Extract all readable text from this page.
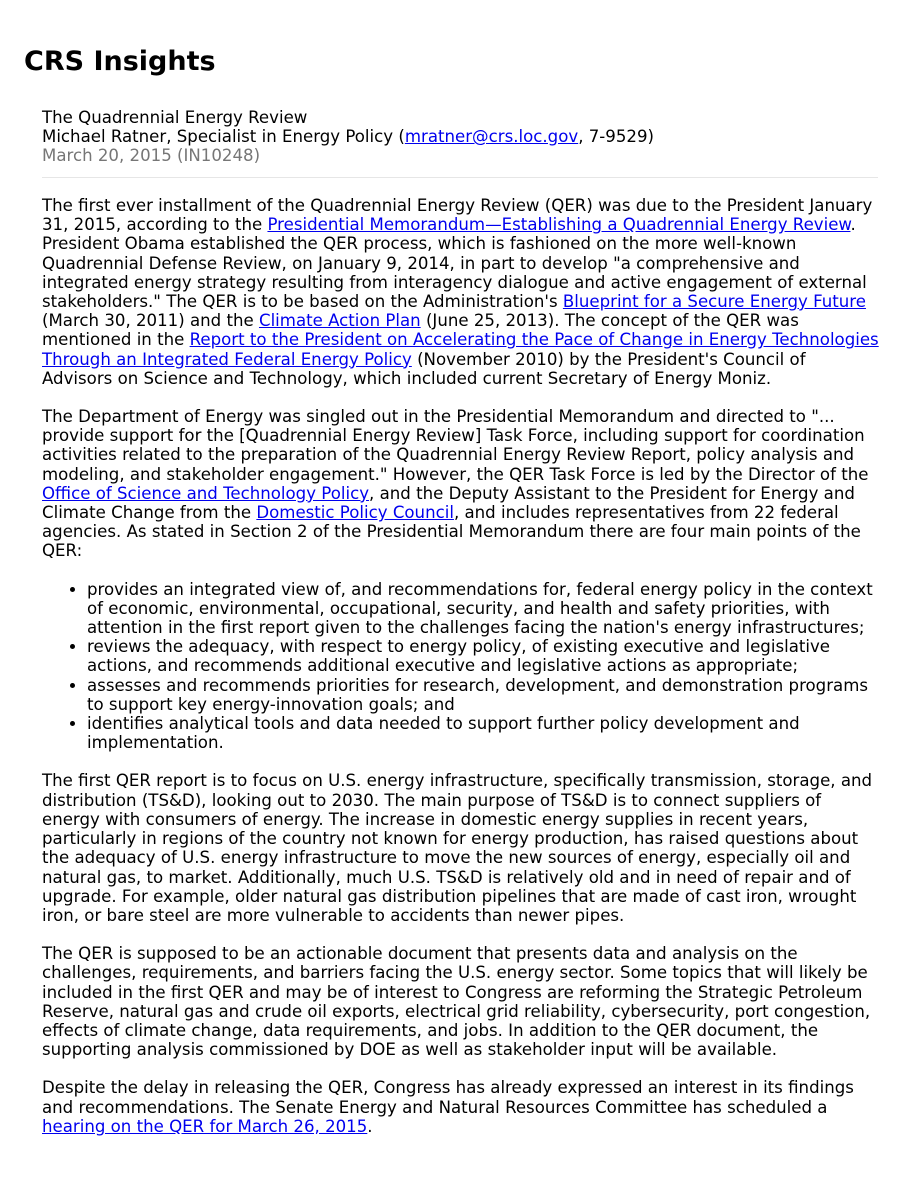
CRS Insights
The Quadrennial Energy Review
Michael Ratner, Specialist in Energy Policy (mratner@crs.loc.gov, 7-9529)
March 20, 2015 (IN10248)

The first ever installment of the Quadrennial Energy Review (QER) was due to the President January 31, 2015, according to the Presidential Memorandum—Establishing a Quadrennial Energy Review. President Obama established the QER process, which is fashioned on the more well-known Quadrennial Defense Review, on January 9, 2014, in part to develop "a comprehensive and integrated energy strategy resulting from interagency dialogue and active engagement of external stakeholders." The QER is to be based on the Administration's Blueprint for a Secure Energy Future (March 30, 2011) and the Climate Action Plan (June 25, 2013). The concept of the QER was mentioned in the Report to the President on Accelerating the Pace of Change in Energy Technologies Through an Integrated Federal Energy Policy (November 2010) by the President's Council of Advisors on Science and Technology, which included current Secretary of Energy Moniz.

The Department of Energy was singled out in the Presidential Memorandum and directed to "... provide support for the [Quadrennial Energy Review] Task Force, including support for coordination activities related to the preparation of the Quadrennial Energy Review Report, policy analysis and modeling, and stakeholder engagement." However, the QER Task Force is led by the Director of the Office of Science and Technology Policy, and the Deputy Assistant to the President for Energy and Climate Change from the Domestic Policy Council, and includes representatives from 22 federal agencies. As stated in Section 2 of the Presidential Memorandum there are four main points of the QER:

• provides an integrated view of, and recommendations for, federal energy policy in the context of economic, environmental, occupational, security, and health and safety priorities, with attention in the first report given to the challenges facing the nation's energy infrastructures;
• reviews the adequacy, with respect to energy policy, of existing executive and legislative actions, and recommends additional executive and legislative actions as appropriate;
• assesses and recommends priorities for research, development, and demonstration programs to support key energy-innovation goals; and
• identifies analytical tools and data needed to support further policy development and implementation.

The first QER report is to focus on U.S. energy infrastructure, specifically transmission, storage, and distribution (TS&D), looking out to 2030. The main purpose of TS&D is to connect suppliers of energy with consumers of energy. The increase in domestic energy supplies in recent years, particularly in regions of the country not known for energy production, has raised questions about the adequacy of U.S. energy infrastructure to move the new sources of energy, especially oil and natural gas, to market. Additionally, much U.S. TS&D is relatively old and in need of repair and of upgrade. For example, older natural gas distribution pipelines that are made of cast iron, wrought iron, or bare steel are more vulnerable to accidents than newer pipes.

The QER is supposed to be an actionable document that presents data and analysis on the challenges, requirements, and barriers facing the U.S. energy sector. Some topics that will likely be included in the first QER and may be of interest to Congress are reforming the Strategic Petroleum Reserve, natural gas and crude oil exports, electrical grid reliability, cybersecurity, port congestion, effects of climate change, data requirements, and jobs. In addition to the QER document, the supporting analysis commissioned by DOE as well as stakeholder input will be available.

Despite the delay in releasing the QER, Congress has already expressed an interest in its findings and recommendations. The Senate Energy and Natural Resources Committee has scheduled a hearing on the QER for March 26, 2015.
